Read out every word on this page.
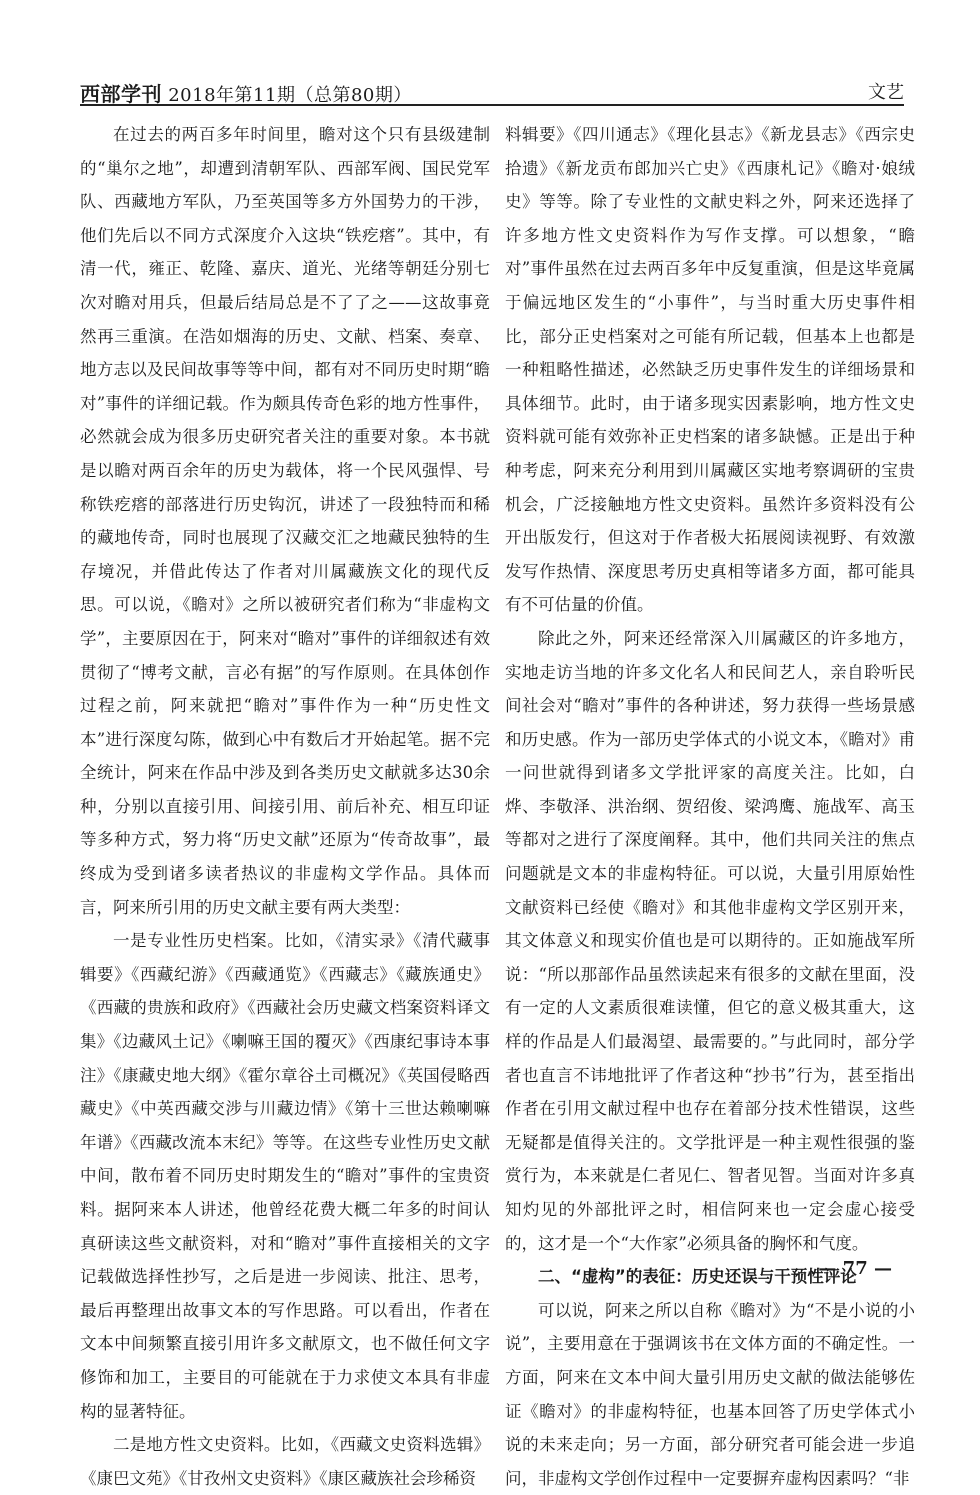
西部学刊 2018年第11期（总第80期）	文艺

在过去的两百多年时间里，瞻对这个只有县级建制的“巢尔之地”，却遭到清朝军队、西部军阀、国民党军队、西藏地方军队，乃至英国等多方外国势力的干涉，他们先后以不同方式深度介入这块“铁疙瘩”。其中，有清一代，雍正、乾隆、嘉庆、道光、光绪等朝廷分别七次对瞻对用兵，但最后结局总是不了了之——这故事竟然再三重演。在浩如烟海的历史、文献、档案、奏章、地方志以及民间故事等等中间，都有对不同历史时期“瞻对”事件的详细记载。作为颇具传奇色彩的地方性事件，必然就会成为很多历史研究者关注的重要对象。本书就是以瞻对两百余年的历史为载体，将一个民风强悍、号称铁疙瘩的部落进行历史钩沉，讲述了一段独特而和稀的藏地传奇，同时也展现了汉藏交汇之地藏民独特的生存境况，并借此传达了作者对川属藏族文化的现代反思。可以说，《瞻对》之所以被研究者们称为“非虚构文学”，主要原因在于，阿来对“瞻对”事件的详细叙述有效贯彻了“博考文献，言必有据”的写作原则。在具体创作过程之前，阿来就把“瞻对”事件作为一种“历史性文本”进行深度勾陈，做到心中有数后才开始起笔。据不完全统计，阿来在作品中涉及到各类历史文献就多达30余种，分别以直接引用、间接引用、前后补充、相互印证等多种方式，努力将“历史文献”还原为“传奇故事”，最终成为受到诸多读者热议的非虚构文学作品。具体而言，阿来所引用的历史文献主要有两大类型：

一是专业性历史档案。比如，《清实录》《清代藏事辑要》《西藏纪游》《西藏通览》《西藏志》《藏族通史》《西藏的贵族和政府》《西藏社会历史藏文档案资料译文集》《边藏风土记》《喇嘛王国的覆灭》《西康纪事诗本事注》《康藏史地大纲》《霍尔章谷土司概况》《英国侵略西藏史》《中英西藏交涉与川藏边情》《第十三世达赖喇嘛年谱》《西藏改流本末纪》等等。在这些专业性历史文献中间，散布着不同历史时期发生的“瞻对”事件的宝贵资料。据阿来本人讲述，他曾经花费大概二年多的时间认真研读这些文献资料，对和“瞻对”事件直接相关的文字记载做选择性抄写，之后是进一步阅读、批注、思考，最后再整理出故事文本的写作思路。可以看出，作者在文本中间频繁直接引用许多文献原文，也不做任何文字修饰和加工，主要目的可能就在于力求使文本具有非虚构的显著特征。

二是地方性文史资料。比如，《西藏文史资料选辑》《康巴文苑》《甘孜州文史资料》《康区藏族社会珍稀资

料辑要》《四川通志》《理化县志》《新龙县志》《西宗史拾遗》《新龙贡布郎加兴亡史》《西康札记》《瞻对·娘绒史》等等。除了专业性的文献史料之外，阿来还选择了许多地方性文史资料作为写作支撑。可以想象，“瞻对”事件虽然在过去两百多年中反复重演，但是这毕竟属于偏远地区发生的“小事件”，与当时重大历史事件相比，部分正史档案对之可能有所记载，但基本上也都是一种粗略性描述，必然缺乏历史事件发生的详细场景和具体细节。此时，由于诸多现实因素影响，地方性文史资料就可能有效弥补正史档案的诸多缺憾。正是出于种种考虑，阿来充分利用到川属藏区实地考察调研的宝贵机会，广泛接触地方性文史资料。虽然许多资料没有公开出版发行，但这对于作者极大拓展阅读视野、有效激发写作热情、深度思考历史真相等诸多方面，都可能具有不可估量的价值。

除此之外，阿来还经常深入川属藏区的许多地方，实地走访当地的许多文化名人和民间艺人，亲自聆听民间社会对“瞻对”事件的各种讲述，努力获得一些场景感和历史感。作为一部历史学体式的小说文本，《瞻对》甫一问世就得到诸多文学批评家的高度关注。比如，白烨、李敬泽、洪治纲、贺绍俊、梁鸿鹰、施战军、高玉等都对之进行了深度阐释。其中，他们共同关注的焦点问题就是文本的非虚构特征。可以说，大量引用原始性文献资料已经使《瞻对》和其他非虚构文学区别开来，其文体意义和现实价值也是可以期待的。正如施战军所说：“所以那部作品虽然读起来有很多的文献在里面，没有一定的人文素质很难读懂，但它的意义极其重大，这样的作品是人们最渴望、最需要的。”与此同时，部分学者也直言不讳地批评了作者这种“抄书”行为，甚至指出作者在引用文献过程中也存在着部分技术性错误，这些无疑都是值得关注的。文学批评是一种主观性很强的鉴赏行为，本来就是仁者见仁、智者见智。当面对许多真知灼见的外部批评之时，相信阿来也一定会虚心接受的，这才是一个“大作家”必须具备的胸怀和气度。

二、“虚构”的表征：历史还误与干预性评论

可以说，阿来之所以自称《瞻对》为“不是小说的小说”，主要用意在于强调该书在文体方面的不确定性。一方面，阿来在文本中间大量引用历史文献的做法能够佐证《瞻对》的非虚构特征，也基本回答了历史学体式小说的未来走向；另一方面，部分研究者可能会进一步追问，非虚构文学创作过程中一定要摒弃虚构因素吗？“非

— 77 —
